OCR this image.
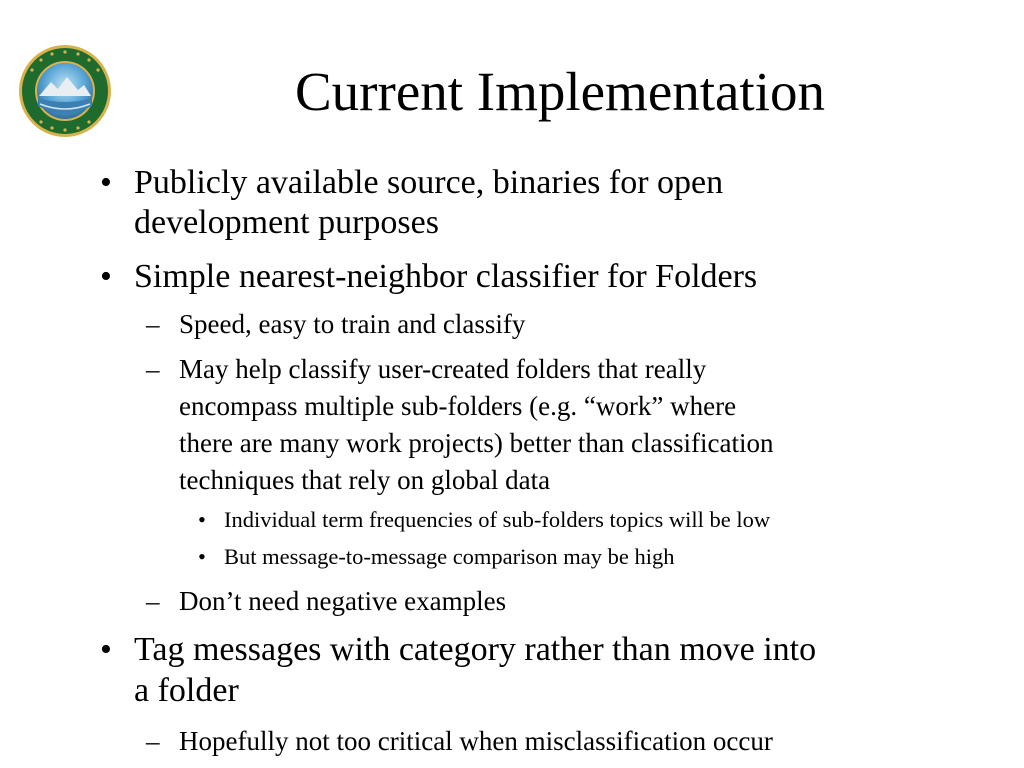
Current Implementation
• Publicly available source, binaries for open
development purposes
• Simple nearest-neighbor classifier for Folders
– Speed, easy to train and classify
– May help classify user-created folders that really
encompass multiple sub-folders (e.g. “work” where
there are many work projects) better than classification
techniques that rely on global data
• Individual term frequencies of sub-folders topics will be low
• But message-to-message comparison may be high
– Don’t need negative examples
• Tag messages with category rather than move into
a folder
– Hopefully not too critical when misclassification occur
